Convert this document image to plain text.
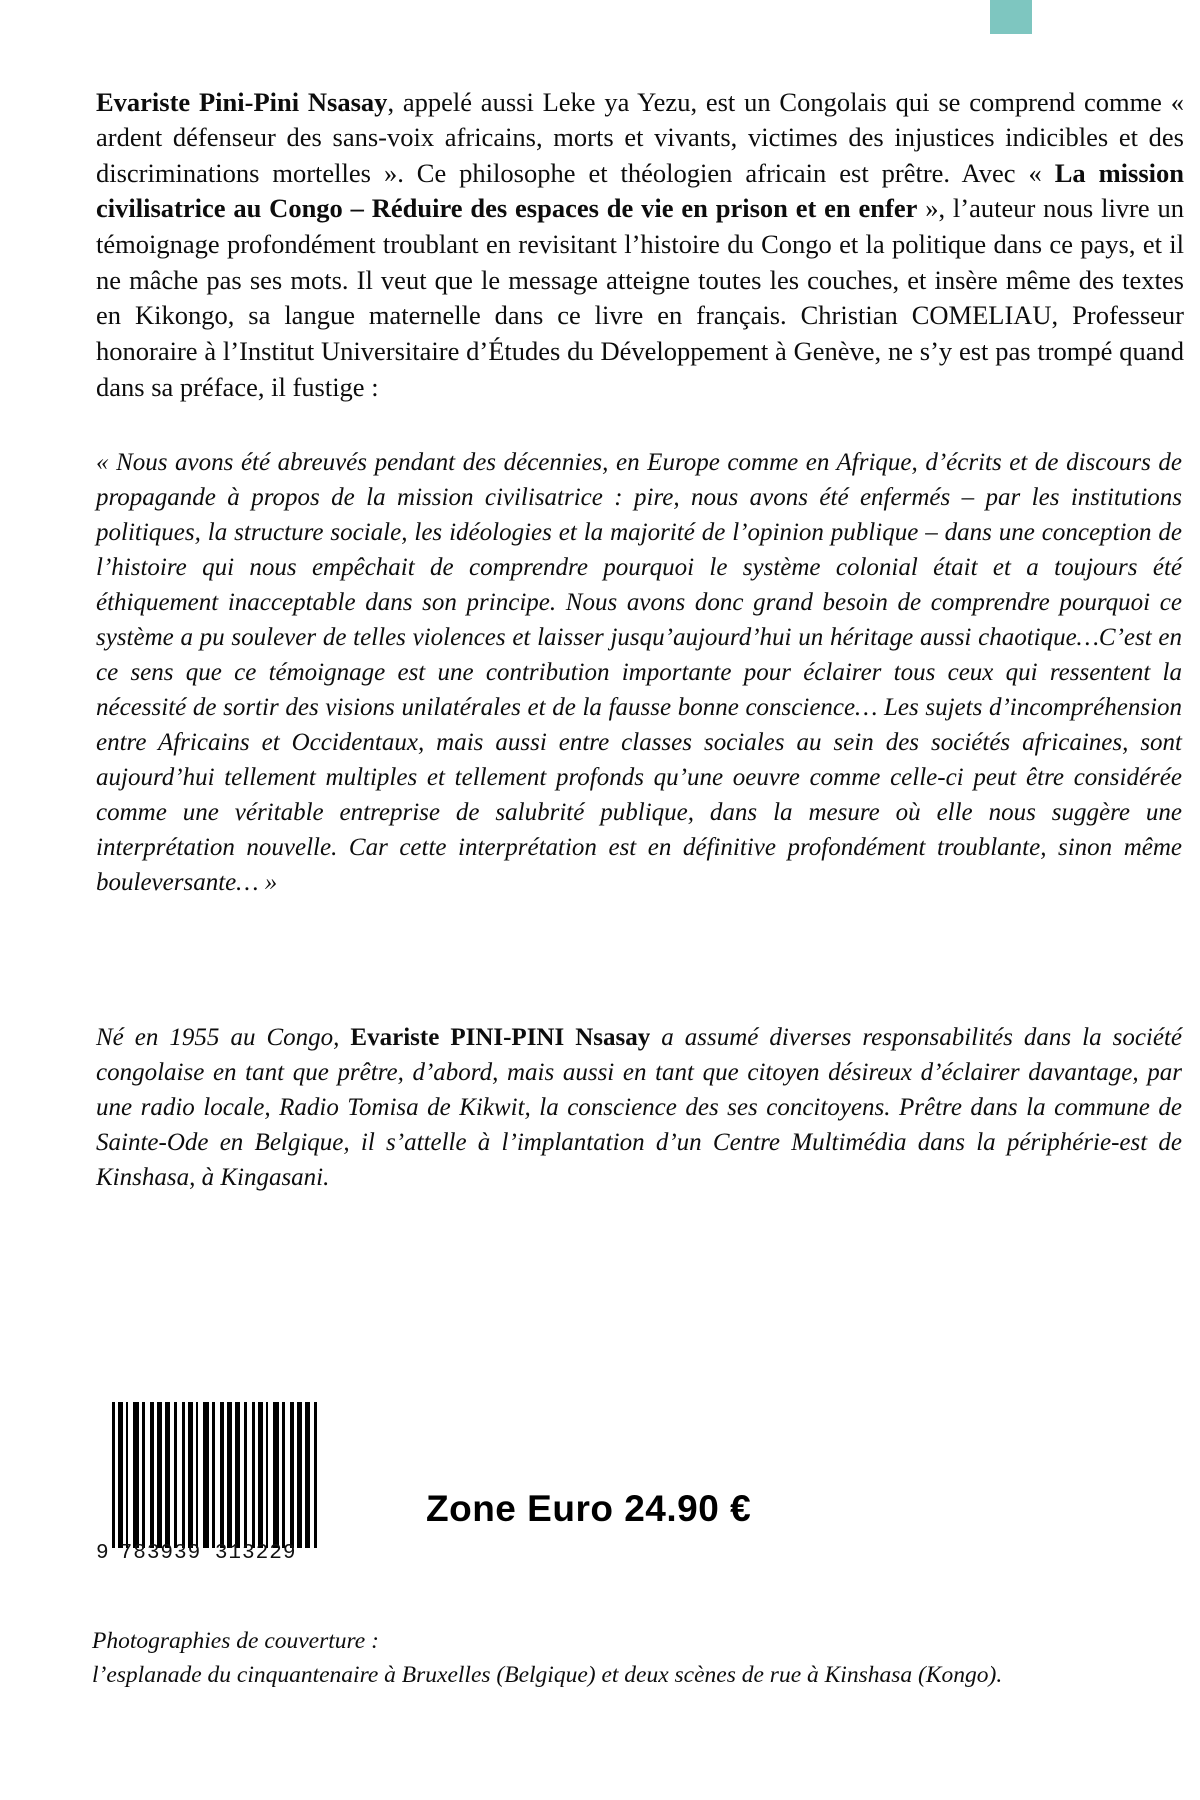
Evariste Pini-Pini Nsasay, appelé aussi Leke ya Yezu, est un Congolais qui se comprend comme « ardent défenseur des sans-voix africains, morts et vivants, victimes des injustices indicibles et des discriminations mortelles ». Ce philosophe et théologien africain est prêtre. Avec « La mission civilisatrice au Congo – Réduire des espaces de vie en prison et en enfer », l’auteur nous livre un témoignage profondément troublant en revisitant l’histoire du Congo et la politique dans ce pays, et il ne mâche pas ses mots. Il veut que le message atteigne toutes les couches, et insère même des textes en Kikongo, sa langue maternelle dans ce livre en français. Christian COMELIAU, Professeur honoraire à l’Institut Universitaire d’Études du Développement à Genève, ne s’y est pas trompé quand dans sa préface, il fustige :

« Nous avons été abreuvés pendant des décennies, en Europe comme en Afrique, d’écrits et de discours de propagande à propos de la mission civilisatrice : pire, nous avons été enfermés – par les institutions politiques, la structure sociale, les idéologies et la majorité de l’opinion publique – dans une conception de l’histoire qui nous empêchait de comprendre pourquoi le système colonial était et a toujours été éthiquement inacceptable dans son principe. Nous avons donc grand besoin de comprendre pourquoi ce système a pu soulever de telles violences et laisser jusqu’aujourd’hui un héritage aussi chaotique…C’est en ce sens que ce témoignage est une contribution importante pour éclairer tous ceux qui ressentent la nécessité de sortir des visions unilatérales et de la fausse bonne conscience… Les sujets d’incompréhension entre Africains et Occidentaux, mais aussi entre classes sociales au sein des sociétés africaines, sont aujourd’hui tellement multiples et tellement profonds qu’une oeuvre comme celle-ci peut être considérée comme une véritable entreprise de salubrité publique, dans la mesure où elle nous suggère une interprétation nouvelle. Car cette interprétation est en définitive profondément troublante, sinon même bouleversante… »

Né en 1955 au Congo, Evariste PINI-PINI Nsasay a assumé diverses responsabilités dans la société congolaise en tant que prêtre, d’abord, mais aussi en tant que citoyen désireux d’éclairer davantage, par une radio locale, Radio Tomisa de Kikwit, la conscience des ses concitoyens. Prêtre dans la commune de Sainte-Ode en Belgique, il s’attelle à l’implantation d’un Centre Multimédia dans la périphérie-est de Kinshasa, à Kingasani.

9 783939 313229
Zone Euro 24.90 €
Photographies de couverture :
l’esplanade du cinquantenaire à Bruxelles (Belgique) et deux scènes de rue à Kinshasa (Kongo).
